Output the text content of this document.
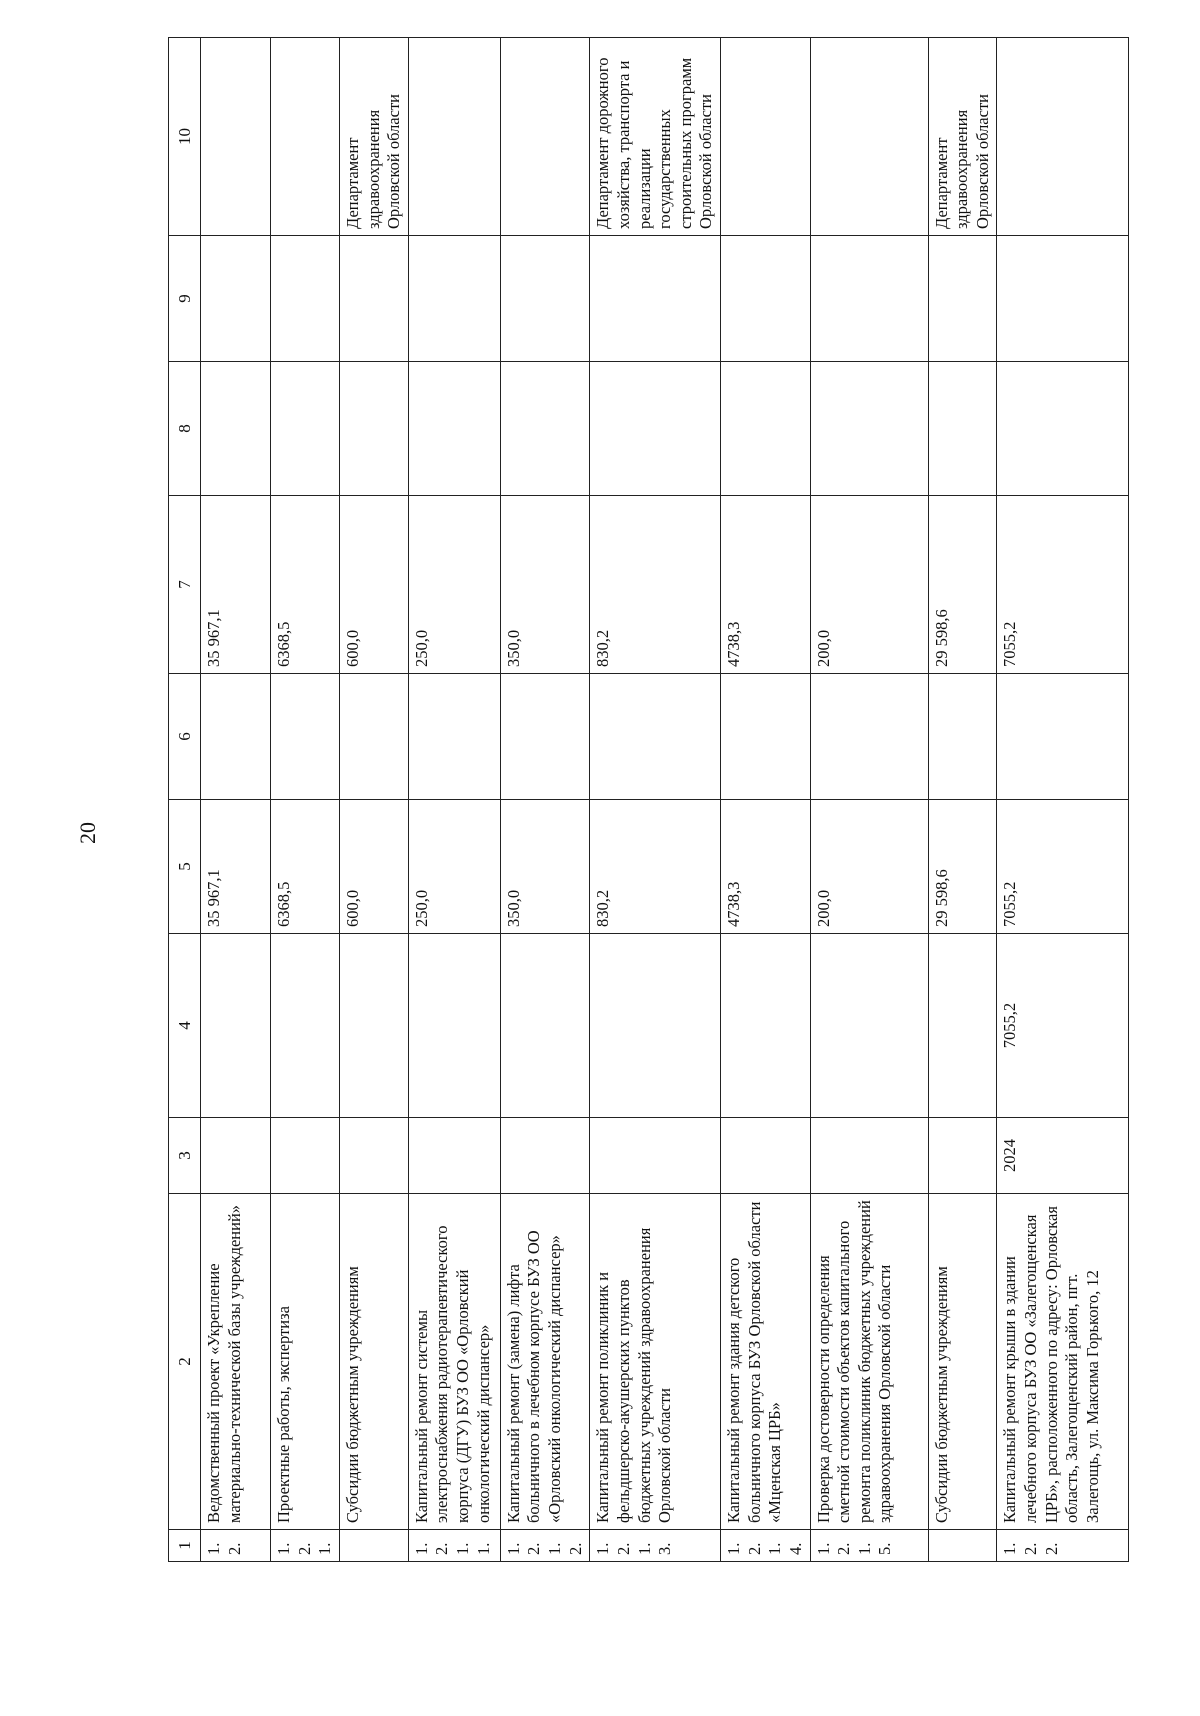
20
1	2	3	4	5	6	7	8	9	10
1.2.	Ведомственный проект «Укрепление материально-технической базы учреждений»			35 967,1		35 967,1			
1.2.1.	Проектные работы, экспертиза			6368,5		6368,5			
	Субсидии бюджетным учреждениям			600,0		600,0			Департамент здравоохранения Орловской области
1.2.1.1.	Капитальный ремонт системы электроснабжения радиотерапевтического корпуса (ДГУ) БУЗ ОО «Орловский онкологический диспансер»			250,0		250,0			
1.2.1.2.	Капитальный ремонт (замена) лифта больничного в лечебном корпусе БУЗ ОО «Орловский онкологический диспансер»			350,0		350,0			
1.2.1.3.	Капитальный ремонт поликлиник и фельдшерско-акушерских пунктов бюджетных учреждений здравоохранения Орловской области			830,2		830,2			Департамент дорожного хозяйства, транспорта и реализации государственных строительных программ Орловской области
1.2.1.4.	Капитальный ремонт здания детского больничного корпуса БУЗ Орловской области «Мценская ЦРБ»			4738,3		4738,3			
1.2.1.5.	Проверка достоверности определения сметной стоимости объектов капитального ремонта поликлиник бюджетных учреждений здравоохранения Орловской области			200,0		200,0			
	Субсидии бюджетным учреждениям			29 598,6		29 598,6			Департамент здравоохранения Орловской области
1.2.2.	Капитальный ремонт крыши в здании лечебного корпуса БУЗ ОО «Залегощенская ЦРБ», расположенного по адресу: Орловская область, Залегощенский район, пгт. Залегощь, ул. Максима Горького, 12	2024	7055,2	7055,2		7055,2			
